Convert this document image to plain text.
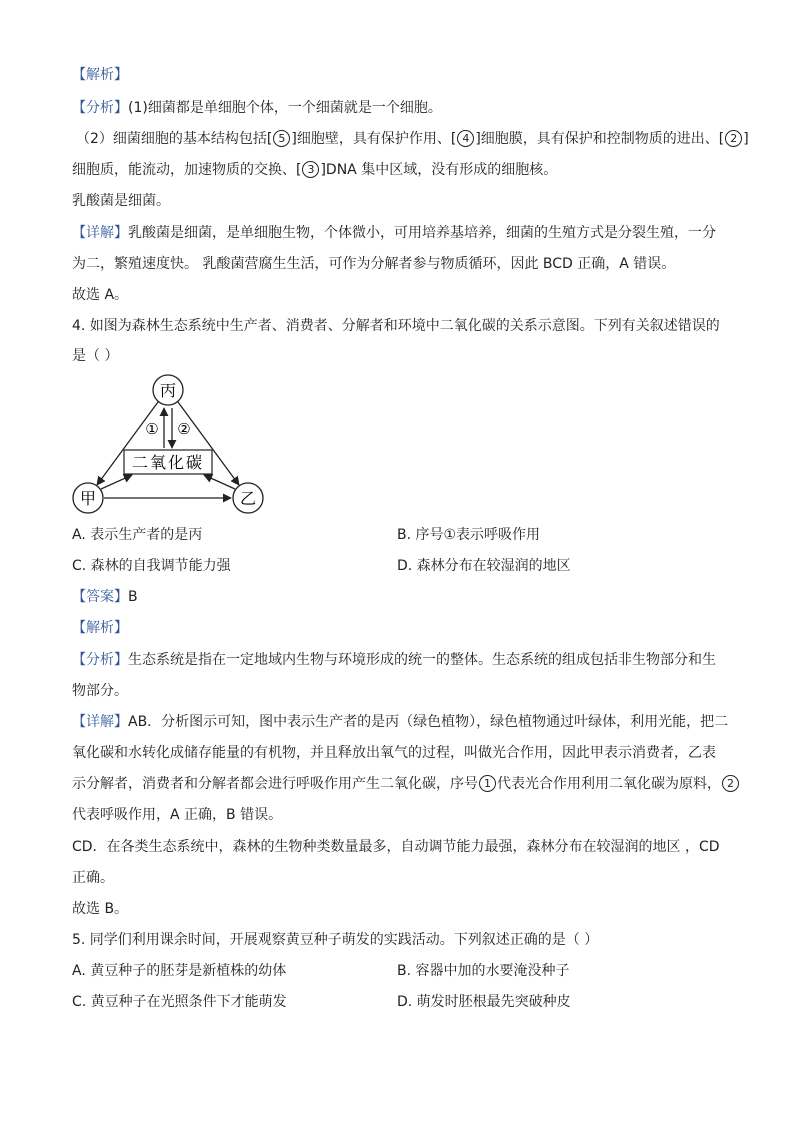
【解析】
【分析】(1)细菌都是单细胞个体，一个细菌就是一个细胞。
（2）细菌细胞的基本结构包括[ 5 ]细胞壁，具有保护作用、[ 4 ]细胞膜，具有保护和控制物质的进出、[ 2 ]
细胞质，能流动，加速物质的交换、[ 3 ]DNA 集中区域，没有形成的细胞核。
乳酸菌是细菌。
【详解】乳酸菌是细菌，是单细胞生物，个体微小，可用培养基培养，细菌的生殖方式是分裂生殖，一分
为二，繁殖速度快。 乳酸菌营腐生生活，可作为分解者参与物质循环，因此 BCD 正确，A 错误。
故选 A。
4. 如图为森林生态系统中生产者、消费者、分解者和环境中二氧化碳的关系示意图。下列有关叙述错误的
是（ ）
丙
甲	乙
二氧化碳
① ②
A. 表示生产者的是丙	B. 序号①表示呼吸作用
C. 森林的自我调节能力强	D. 森林分布在较湿润的地区
【答案】B
【解析】
【分析】生态系统是指在一定地域内生物与环境形成的统一的整体。生态系统的组成包括非生物部分和生
物部分。
【详解】AB．分析图示可知，图中表示生产者的是丙（绿色植物），绿色植物通过叶绿体，利用光能，把二
氧化碳和水转化成储存能量的有机物，并且释放出氧气的过程，叫做光合作用，因此甲表示消费者，乙表
示分解者，消费者和分解者都会进行呼吸作用产生二氧化碳，序号 1 代表光合作用利用二氧化碳为原料， 2
代表呼吸作用，A 正确，B 错误。
CD．在各类生态系统中，森林的生物种类数量最多，自动调节能力最强，森林分布在较湿润的地区 ，CD
正确。
故选 B。
5. 同学们利用课余时间，开展观察黄豆种子萌发的实践活动。下列叙述正确的是（ ）
A. 黄豆种子的胚芽是新植株的幼体	B. 容器中加的水要淹没种子
C. 黄豆种子在光照条件下才能萌发	D. 萌发时胚根最先突破种皮
